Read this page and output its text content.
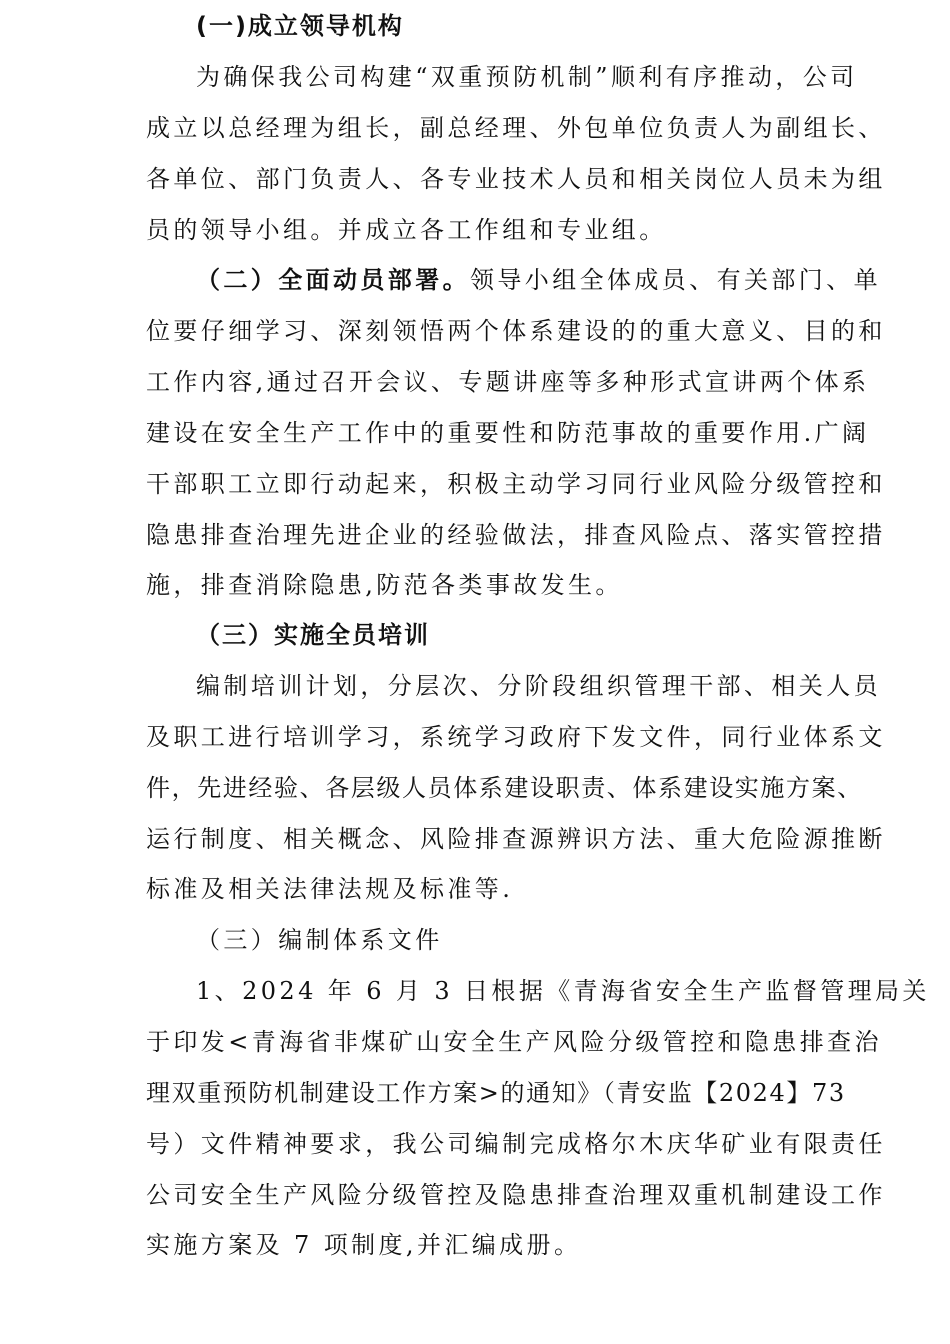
(一)成立领导机构
为确保我公司构建“双重预防机制”顺利有序推动，公司
成立以总经理为组长，副总经理、外包单位负责人为副组长、
各单位、部门负责人、各专业技术人员和相关岗位人员未为组
员的领导小组。并成立各工作组和专业组。
（二）全面动员部署。领导小组全体成员、有关部门、单
位要仔细学习、深刻领悟两个体系建设的的重大意义、目的和
工作内容,通过召开会议、专题讲座等多种形式宣讲两个体系
建设在安全生产工作中的重要性和防范事故的重要作用.广阔
干部职工立即行动起来，积极主动学习同行业风险分级管控和
隐患排查治理先进企业的经验做法，排查风险点、落实管控措
施，排查消除隐患,防范各类事故发生。
（三）实施全员培训
编制培训计划，分层次、分阶段组织管理干部、相关人员
及职工进行培训学习，系统学习政府下发文件，同行业体系文
件，先进经验、各层级人员体系建设职责、体系建设实施方案、
运行制度、相关概念、风险排查源辨识方法、重大危险源推断
标准及相关法律法规及标准等.
（三）编制体系文件
1、2024 年 6 月 3 日根据《青海省安全生产监督管理局关
于印发<青海省非煤矿山安全生产风险分级管控和隐患排查治
理双重预防机制建设工作方案>的通知》（青安监【2024】73
号）文件精神要求，我公司编制完成格尔木庆华矿业有限责任
公司安全生产风险分级管控及隐患排查治理双重机制建设工作
实施方案及 7 项制度,并汇编成册。
